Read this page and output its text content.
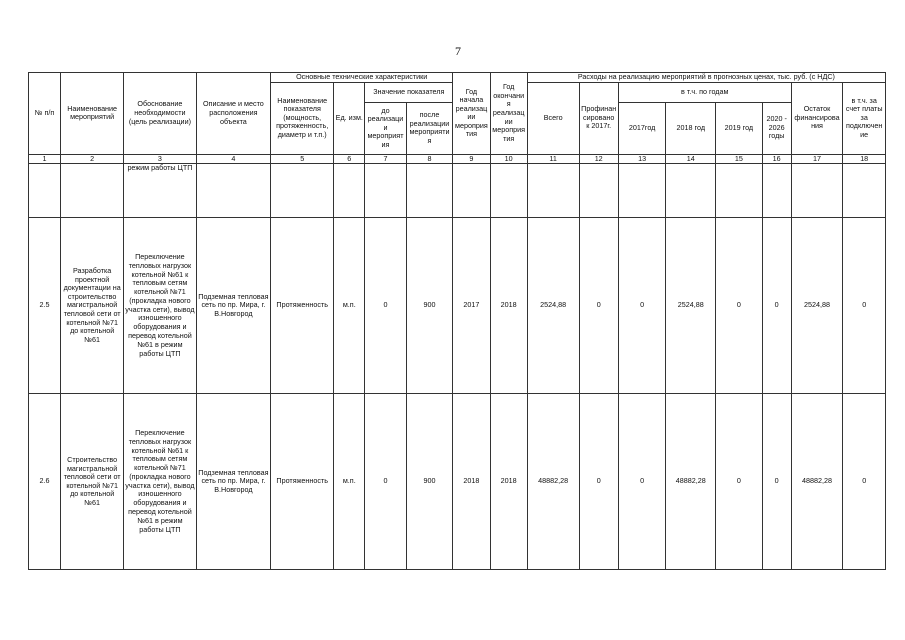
7
№ п/п	Наименование мероприятий	Обоснование необходимости (цель реализации)	Описание и место расположения объекта	Основные технические характеристики				Год начала реализации мероприятия	Год окончания реализации мероприятия	Расходы на реализацию мероприятий в прогнозных ценах, тыс. руб. (с НДС)							
				Наименование показателя (мощность, протяженность, диаметр и т.п.)	Ед. изм.	Значение показателя				Всего	Профинансировано к 2017г.	в т.ч. по годам				Остаток финансирования	в т.ч. за счет платы за подключение
						до реализации мероприятия	после реализации мероприятия					2017год	2018 год	2019 год	2020 - 2026 годы		

1	2	3	4	5	6	7	8	9	10	11	12	13	14	15	16	17	18
		режим работы ЦТП															
2.5	Разработка проектной документации на строительство магистральной тепловой сети от котельной №71 до котельной №61	Переключение тепловых нагрузок котельной №61 к тепловым сетям котельной №71 (прокладка нового участка сети), вывод изношенного оборудования и перевод котельной №61 в режим работы ЦТП	Подземная тепловая сеть по пр. Мира, г. В.Новгород	Протяженность	м.п.	0	900	2017	2018	2524,88	0	0	2524,88	0	0	2524,88	0
2.6	Строительство магистральной тепловой сети от котельной №71 до котельной №61	Переключение тепловых нагрузок котельной №61 к тепловым сетям котельной №71 (прокладка нового участка сети), вывод изношенного оборудования и перевод котельной №61 в режим работы ЦТП	Подземная тепловая сеть по пр. Мира, г. В.Новгород	Протяженность	м.п.	0	900	2018	2018	48882,28	0	0	48882,28	0	0	48882,28	0
